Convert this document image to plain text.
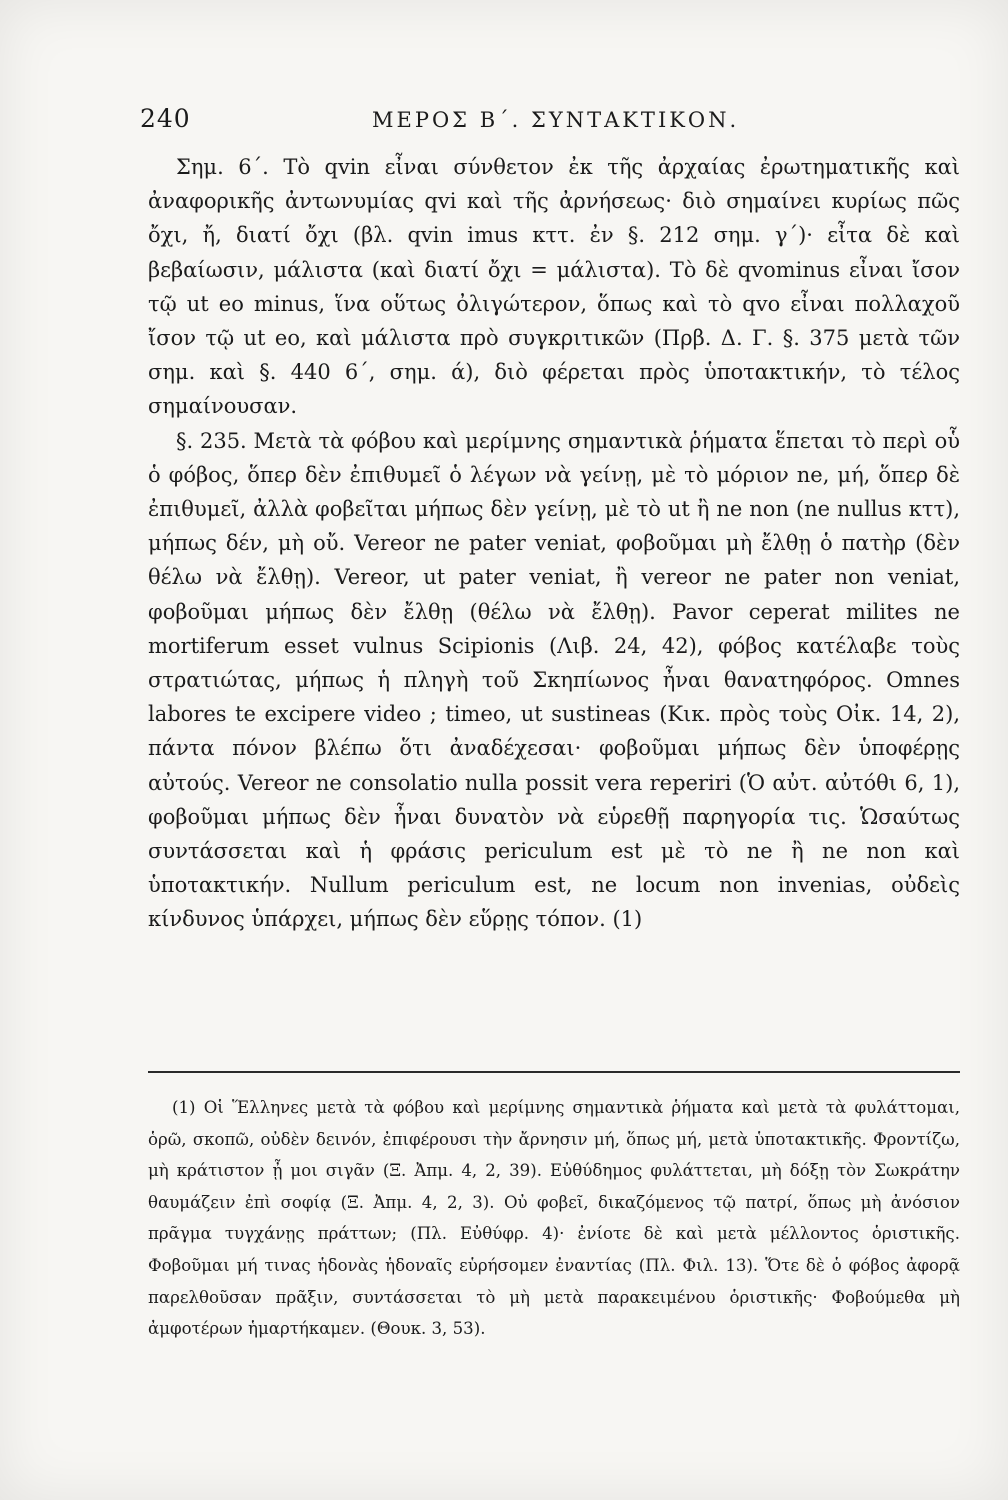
240	ΜΕΡΟΣ Β΄. ΣΥΝΤΑΚΤΙΚΟΝ.

Σημ. 6΄. Τὸ qvin εἶναι σύνθετον ἐκ τῆς ἀρχαίας ἐρωτηματικῆς καὶ ἀναφορικῆς ἀντωνυμίας qvi καὶ τῆς ἀρνήσεως· διὸ σημαίνει κυρίως πῶς ὄχι, ἤ, διατί ὄχι (βλ. qvin imus κττ. ἐν §. 212 σημ. γ΄)· εἶτα δὲ καὶ βεβαίωσιν, μάλιστα (καὶ διατί ὄχι = μάλιστα). Τὸ δὲ qvominus εἶναι ἴσον τῷ ut eo minus, ἵνα οὕτως ὀλιγώτερον, ὅπως καὶ τὸ qvo εἶναι πολλαχοῦ ἴσον τῷ ut eo, καὶ μάλιστα πρὸ συγκριτικῶν (Πρβ. Δ. Γ. §. 375 μετὰ τῶν σημ. καὶ §. 440 6΄, σημ. ά), διὸ φέρεται πρὸς ὑποτακτικήν, τὸ τέλος σημαίνουσαν.

§. 235. Μετὰ τὰ φόβου καὶ μερίμνης σημαντικὰ ῥήματα ἕπεται τὸ περὶ οὗ ὁ φόβος, ὅπερ δὲν ἐπιθυμεῖ ὁ λέγων νὰ γείνῃ, μὲ τὸ μόριον ne, μή, ὅπερ δὲ ἐπιθυμεῖ, ἀλλὰ φοβεῖται μήπως δὲν γείνῃ, μὲ τὸ ut ἢ ne non (ne nullus κττ), μήπως δέν, μὴ οὔ. Vereor ne pater veniat, φοβοῦμαι μὴ ἔλθῃ ὁ πατὴρ (δὲν θέλω νὰ ἔλθῃ). Vereor, ut pater veniat, ἢ vereor ne pater non veniat, φοβοῦμαι μήπως δὲν ἔλθῃ (θέλω νὰ ἔλθῃ). Pavor ceperat milites ne mortiferum esset vulnus Scipionis (Λιβ. 24, 42), φόβος κατέλαβε τοὺς στρατιώτας, μήπως ἡ πληγὴ τοῦ Σκηπίωνος ἦναι θανατηφόρος. Omnes labores te excipere video ; timeo, ut sustineas (Κικ. πρὸς τοὺς Οἰκ. 14, 2), πάντα πόνον βλέπω ὅτι ἀναδέχεσαι· φοβοῦμαι μήπως δὲν ὑποφέρῃς αὐτούς. Vereor ne consolatio nulla possit vera reperiri (Ὁ αὐτ. αὐτόθι 6, 1), φοβοῦμαι μήπως δὲν ἦναι δυνατὸν νὰ εὑρεθῇ παρηγορία τις. Ὡσαύτως συντάσσεται καὶ ἡ φράσις periculum est μὲ τὸ ne ἢ ne non καὶ ὑποτακτικήν. Nullum periculum est, ne locum non invenias, οὐδεὶς κίνδυνος ὑπάρχει, μήπως δὲν εὕρῃς τόπον. (1)

(1) Οἱ Ἕλληνες μετὰ τὰ φόβου καὶ μερίμνης σημαντικὰ ῥήματα καὶ μετὰ τὰ φυλάττομαι, ὁρῶ, σκοπῶ, οὐδὲν δεινόν, ἐπιφέρουσι τὴν ἄρνησιν μή, ὅπως μή, μετὰ ὑποτακτικῆς. Φροντίζω, μὴ κράτιστον ᾖ μοι σιγᾶν (Ξ. Ἀπμ. 4, 2, 39). Εὐθύδημος φυλάττεται, μὴ δόξῃ τὸν Σωκράτην θαυμάζειν ἐπὶ σοφίᾳ (Ξ. Ἀπμ. 4, 2, 3). Οὐ φοβεῖ, δικαζόμενος τῷ πατρί, ὅπως μὴ ἀνόσιον πρᾶγμα τυγχάνῃς πράττων; (Πλ. Εὐθύφρ. 4)· ἐνίοτε δὲ καὶ μετὰ μέλλοντος ὁριστικῆς. Φοβοῦμαι μή τινας ἡδονὰς ἡδοναῖς εὑρήσομεν ἐναντίας (Πλ. Φιλ. 13). Ὅτε δὲ ὁ φόβος ἀφορᾷ παρελθοῦσαν πρᾶξιν, συντάσσεται τὸ μὴ μετὰ παρακειμένου ὁριστικῆς· Φοβούμεθα μὴ ἀμφοτέρων ἡμαρτήκαμεν. (Θουκ. 3, 53).
